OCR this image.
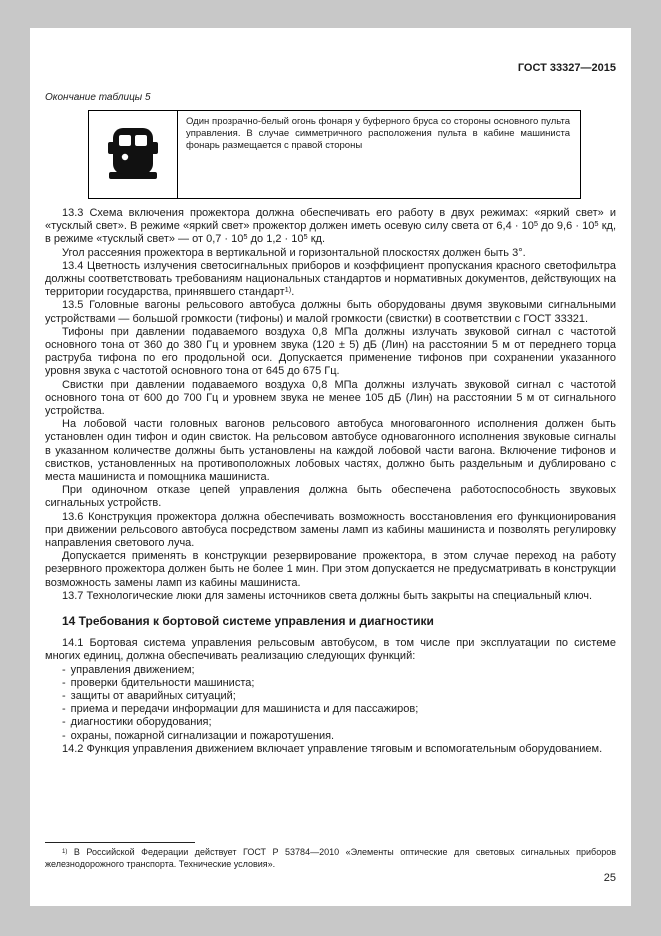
ГОСТ 33327—2015
Окончание таблицы 5
Один прозрачно-белый огонь фонаря у буферного бруса со стороны основного пульта управления. В случае симметричного расположения пульта в кабине машиниста фонарь размещается с правой стороны

13.3 Схема включения прожектора должна обеспечивать его работу в двух режимах: «яркий свет» и «тусклый свет». В режиме «яркий свет» прожектор должен иметь осевую силу света от $6,4 \cdot 10^5$ до $9,6 \cdot 10^5$ кд, в режиме «тусклый свет» — от $0,7 \cdot 10^5$ до $1,2 \cdot 10^5$ кд.

Угол рассеяния прожектора в вертикальной и горизонтальной плоскостях должен быть 3°.

13.4 Цветность излучения светосигнальных приборов и коэффициент пропускания красного светофильтра должны соответствовать требованиям национальных стандартов и нормативных документов, действующих на территории государства, принявшего стандарт$^{1)}$.

13.5 Головные вагоны рельсового автобуса должны быть оборудованы двумя звуковыми сигнальными устройствами — большой громкости (тифоны) и малой громкости (свистки) в соответствии с ГОСТ 33321.

Тифоны при давлении подаваемого воздуха 0,8 МПа должны излучать звуковой сигнал с частотой основного тона от 360 до 380 Гц и уровнем звука (120 ± 5) дБ (Лин) на расстоянии 5 м от переднего торца раструба тифона по его продольной оси. Допускается применение тифонов при сохранении указанного уровня звука с частотой основного тона от 645 до 675 Гц.

Свистки при давлении подаваемого воздуха 0,8 МПа должны излучать звуковой сигнал с частотой основного тона от 600 до 700 Гц и уровнем звука не менее 105 дБ (Лин) на расстоянии 5 м от сигнального устройства.

На лобовой части головных вагонов рельсового автобуса многовагонного исполнения должен быть установлен один тифон и один свисток. На рельсовом автобусе одновагонного исполнения звуковые сигналы в указанном количестве должны быть установлены на каждой лобовой части вагона. Включение тифонов и свистков, установленных на противоположных лобовых частях, должно быть раздельным и дублировано с места машиниста и помощника машиниста.

При одиночном отказе цепей управления должна быть обеспечена работоспособность звуковых сигнальных устройств.

13.6 Конструкция прожектора должна обеспечивать возможность восстановления его функционирования при движении рельсового автобуса посредством замены ламп из кабины машиниста и позволять регулировку направления светового луча.

Допускается применять в конструкции резервирование прожектора, в этом случае переход на работу резервного прожектора должен быть не более 1 мин. При этом допускается не предусматривать в конструкции возможность замены ламп из кабины машиниста.

13.7 Технологические люки для замены источников света должны быть закрыты на специальный ключ.

14 Требования к бортовой системе управления и диагностики

14.1 Бортовая система управления рельсовым автобусом, в том числе при эксплуатации по системе многих единиц, должна обеспечивать реализацию следующих функций:

- управления движением;
- проверки бдительности машиниста;
- защиты от аварийных ситуаций;
- приема и передачи информации для машиниста и для пассажиров;
- диагностики оборудования;
- охраны, пожарной сигнализации и пожаротушения.

14.2 Функция управления движением включает управление тяговым и вспомогательным оборудованием.

$^{1)}$ В Российской Федерации действует ГОСТ Р 53784—2010 «Элементы оптические для световых сигнальных приборов железнодорожного транспорта. Технические условия».

25
